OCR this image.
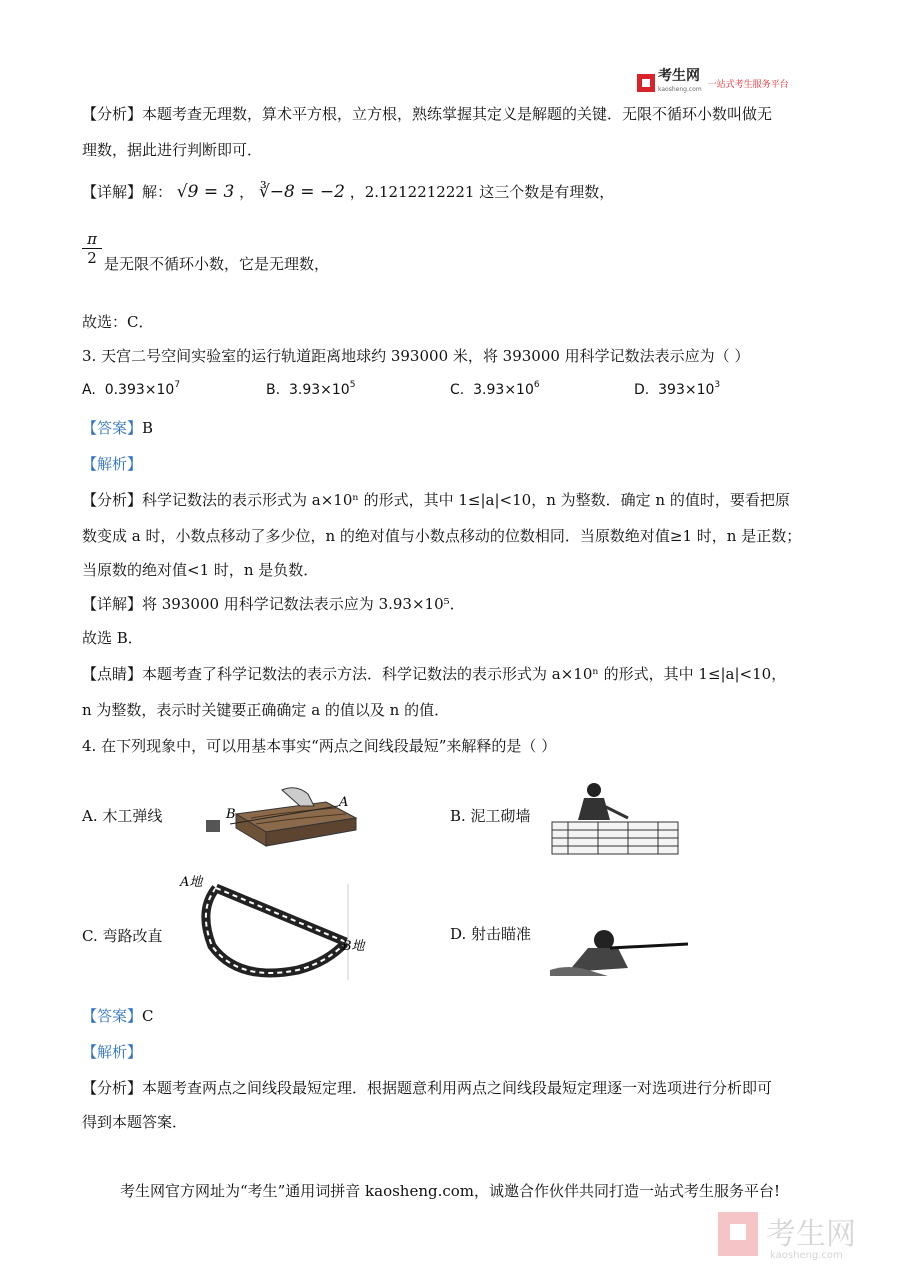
考生网
kaosheng.com 一站式考生服务平台
【分析】本题考查无理数，算术平方根，立方根，熟练掌握其定义是解题的关键．无限不循环小数叫做无
理数，据此进行判断即可．
【详解】解： √9 = 3 ， ∛−8 = −2 ，2.1212212221 这三个数是有理数，
$\frac{\pi}{2}$ 是无限不循环小数，它是无理数，
故选：C．
3. 天宫二号空间实验室的运行轨道距离地球约 393000 米，将 393000 用科学记数法表示应为（ ）
A. $0.393\times 10^7$	B. $3.93\times 10^5$	C. $3.93\times 10^6$	D. $393\times 10^3$
【答案】B
【解析】
【分析】科学记数法的表示形式为 a×10ⁿ 的形式，其中 1≤|a|<10，n 为整数．确定 n 的值时，要看把原
数变成 a 时，小数点移动了多少位，n 的绝对值与小数点移动的位数相同．当原数绝对值≥1 时，n 是正数；
当原数的绝对值<1 时，n 是负数．
【详解】将 393000 用科学记数法表示应为 3.93×10⁵．
故选 B．
【点睛】本题考查了科学记数法的表示方法．科学记数法的表示形式为 a×10ⁿ 的形式，其中 1≤|a|<10，
n 为整数，表示时关键要正确确定 a 的值以及 n 的值．
4. 在下列现象中，可以用基本事实“两点之间线段最短”来解释的是（ ）
A. 木工弹线	B
A
B. 泥工砌墙
C. 弯路改直
A地
B地
D. 射击瞄准
【答案】C
【解析】
【分析】本题考查两点之间线段最短定理．根据题意利用两点之间线段最短定理逐一对选项进行分析即可
得到本题答案．
考生网官方网址为“考生”通用词拼音 kaosheng.com，诚邀合作伙伴共同打造一站式考生服务平台!
考生网
kaosheng.com
